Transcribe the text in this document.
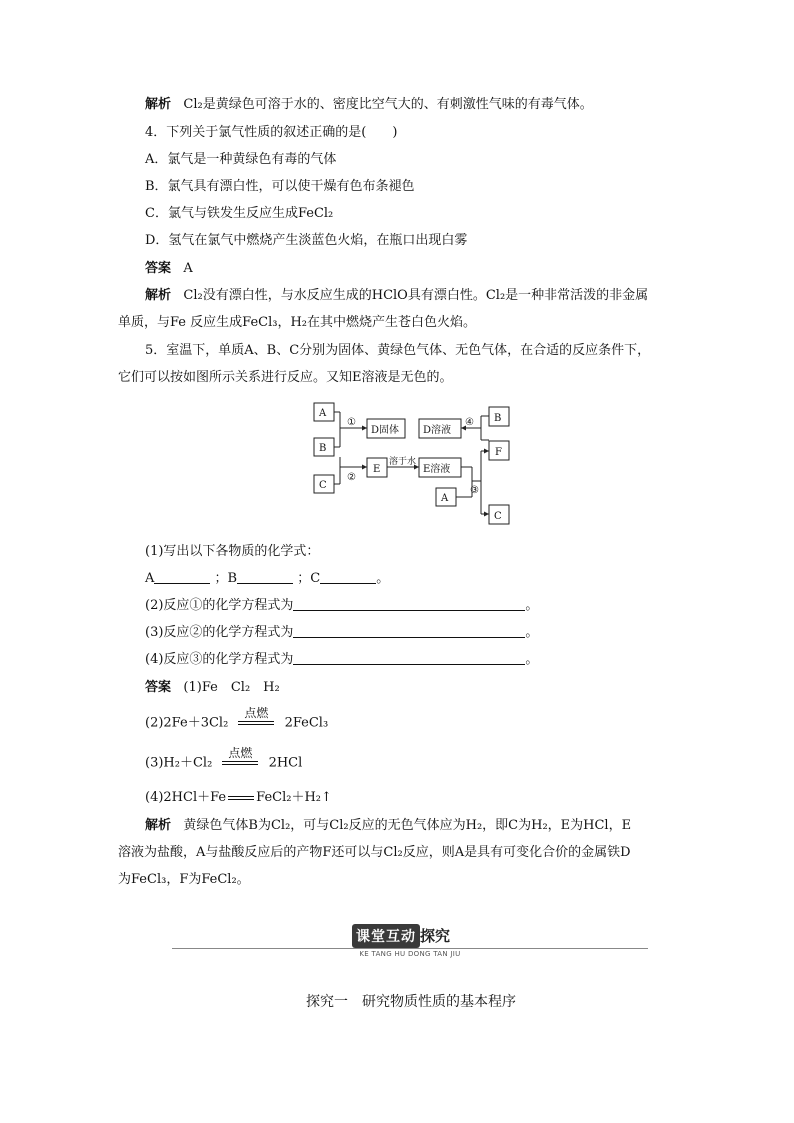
解析 Cl₂是黄绿色可溶于水的、密度比空气大的、有刺激性气味的有毒气体。
4．下列关于氯气性质的叙述正确的是(　　)
A．氯气是一种黄绿色有毒的气体
B．氯气具有漂白性，可以使干燥有色布条褪色
C．氯气与铁发生反应生成FeCl₂
D．氢气在氯气中燃烧产生淡蓝色火焰，在瓶口出现白雾
答案 A
解析 Cl₂没有漂白性，与水反应生成的HClO具有漂白性。Cl₂是一种非常活泼的非金属
单质，与Fe 反应生成FeCl₃，H₂在其中燃烧产生苍白色火焰。
5．室温下，单质A、B、C分别为固体、黄绿色气体、无色气体，在合适的反应条件下，
它们可以按如图所示关系进行反应。又知E溶液是无色的。
A
B
C
D固体
E
D溶液
E溶液
B
F
A
C
①
②
③
④
溶于水
(1)写出以下各物质的化学式：
A	；B	；C	。
(2)反应①的化学方程式为	。
(3)反应②的化学方程式为	。
(4)反应③的化学方程式为	。
答案 (1)Fe　Cl₂　H₂
(2)2Fe＋3Cl₂
点燃
2FeCl₃
(3)H₂＋Cl₂
点燃
2HCl
(4)2HCl＋Fe FeCl₂＋H₂↑
解析 黄绿色气体B为Cl₂，可与Cl₂反应的无色气体应为H₂，即C为H₂，E为HCl，E
溶液为盐酸，A与盐酸反应后的产物F还可以与Cl₂反应，则A是具有可变化合价的金属铁D
为FeCl₃，F为FeCl₂。
课堂互动 探究
KE TANG HU DONG TAN JIU
探究一　研究物质性质的基本程序
